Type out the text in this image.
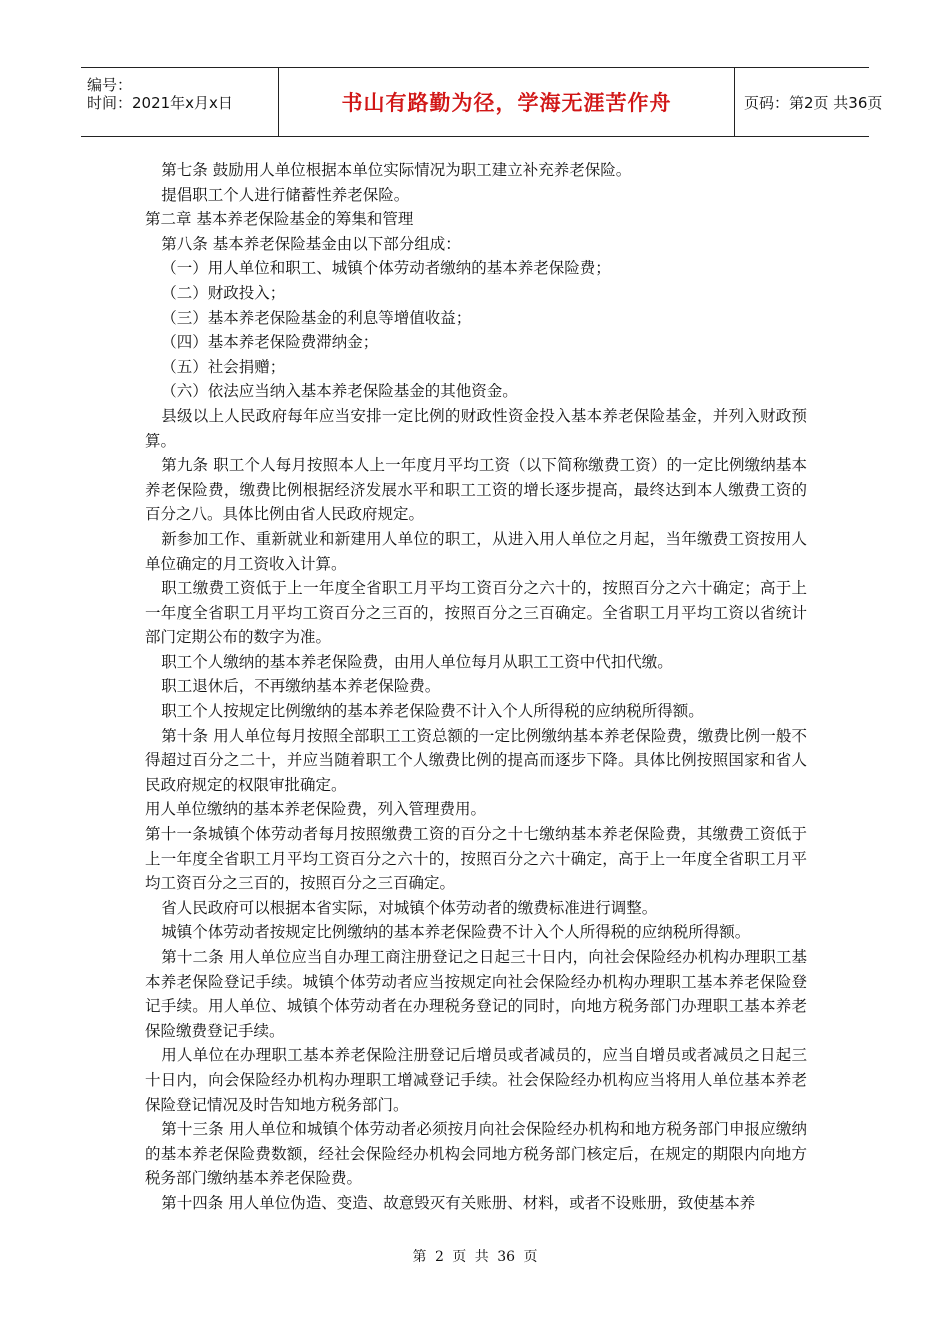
编号：
时间：2021年x月x日	书山有路勤为径，学海无涯苦作舟	页码：第2页 共36页

第七条 鼓励用人单位根据本单位实际情况为职工建立补充养老保险。

提倡职工个人进行储蓄性养老保险。

第二章 基本养老保险基金的筹集和管理

第八条 基本养老保险基金由以下部分组成：

（一）用人单位和职工、城镇个体劳动者缴纳的基本养老保险费；

（二）财政投入；

（三）基本养老保险基金的利息等增值收益；

（四）基本养老保险费滞纳金；

（五）社会捐赠；

（六）依法应当纳入基本养老保险基金的其他资金。

县级以上人民政府每年应当安排一定比例的财政性资金投入基本养老保险基金，并列入财政预算。

第九条 职工个人每月按照本人上一年度月平均工资（以下简称缴费工资）的一定比例缴纳基本养老保险费，缴费比例根据经济发展水平和职工工资的增长逐步提高，最终达到本人缴费工资的百分之八。具体比例由省人民政府规定。

新参加工作、重新就业和新建用人单位的职工，从进入用人单位之月起，当年缴费工资按用人单位确定的月工资收入计算。

职工缴费工资低于上一年度全省职工月平均工资百分之六十的，按照百分之六十确定；高于上一年度全省职工月平均工资百分之三百的，按照百分之三百确定。全省职工月平均工资以省统计部门定期公布的数字为准。

职工个人缴纳的基本养老保险费，由用人单位每月从职工工资中代扣代缴。

职工退休后，不再缴纳基本养老保险费。

职工个人按规定比例缴纳的基本养老保险费不计入个人所得税的应纳税所得额。

第十条 用人单位每月按照全部职工工资总额的一定比例缴纳基本养老保险费，缴费比例一般不得超过百分之二十，并应当随着职工个人缴费比例的提高而逐步下降。具体比例按照国家和省人民政府规定的权限审批确定。

用人单位缴纳的基本养老保险费，列入管理费用。

第十一条城镇个体劳动者每月按照缴费工资的百分之十七缴纳基本养老保险费，其缴费工资低于上一年度全省职工月平均工资百分之六十的，按照百分之六十确定，高于上一年度全省职工月平均工资百分之三百的，按照百分之三百确定。

省人民政府可以根据本省实际，对城镇个体劳动者的缴费标准进行调整。

城镇个体劳动者按规定比例缴纳的基本养老保险费不计入个人所得税的应纳税所得额。

第十二条 用人单位应当自办理工商注册登记之日起三十日内，向社会保险经办机构办理职工基本养老保险登记手续。城镇个体劳动者应当按规定向社会保险经办机构办理职工基本养老保险登记手续。用人单位、城镇个体劳动者在办理税务登记的同时，向地方税务部门办理职工基本养老保险缴费登记手续。

用人单位在办理职工基本养老保险注册登记后增员或者减员的，应当自增员或者减员之日起三十日内，向会保险经办机构办理职工增减登记手续。社会保险经办机构应当将用人单位基本养老保险登记情况及时告知地方税务部门。

第十三条 用人单位和城镇个体劳动者必须按月向社会保险经办机构和地方税务部门申报应缴纳的基本养老保险费数额，经社会保险经办机构会同地方税务部门核定后，在规定的期限内向地方税务部门缴纳基本养老保险费。

第十四条 用人单位伪造、变造、故意毁灭有关账册、材料，或者不设账册，致使基本养

第 2 页 共 36 页
